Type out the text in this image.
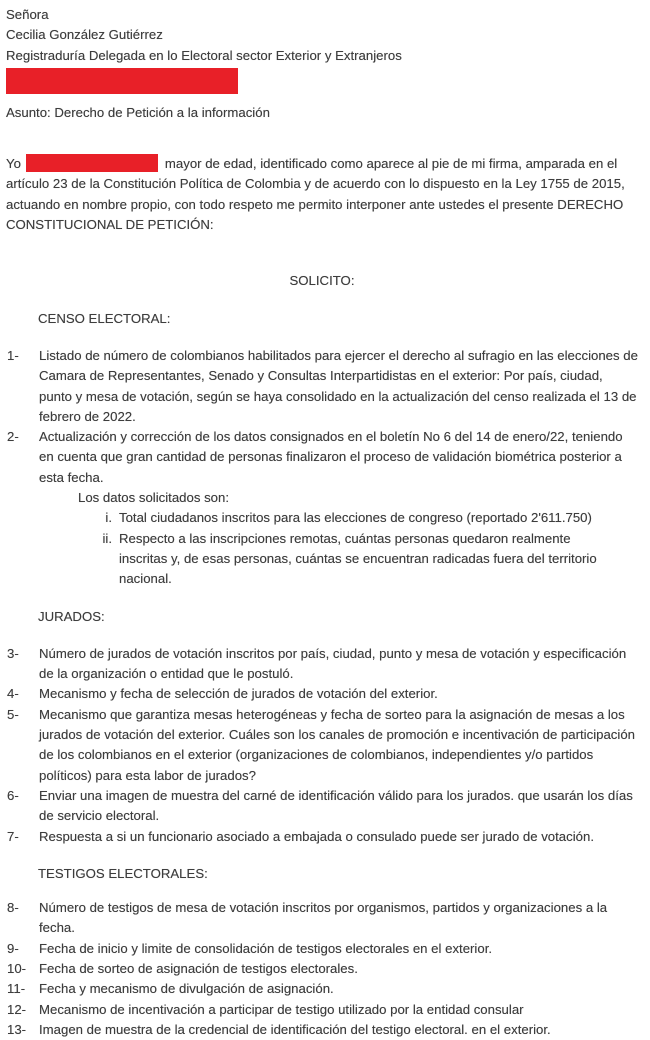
Señora
Cecilia González Gutiérrez
Registraduría Delegada en lo Electoral sector Exterior y Extranjeros
Asunto: Derecho de Petición a la información

Yo	mayor de edad, identificado como aparece al pie de mi firma, amparada en el artículo 23 de la Constitución Política de Colombia y de acuerdo con lo dispuesto en la Ley 1755 de 2015, actuando en nombre propio, con todo respeto me permito interponer ante ustedes el presente DERECHO CONSTITUCIONAL DE PETICIÓN:

SOLICITO:
CENSO ELECTORAL:
1-	Listado de número de colombianos habilitados para ejercer el derecho al sufragio en las elecciones de Camara de Representantes, Senado y Consultas Interpartidistas en el exterior: Por país, ciudad, punto y mesa de votación, según se haya consolidado en la actualización del censo realizada el 13 de febrero de 2022.
2-	Actualización y corrección de los datos consignados en el boletín No 6 del 14 de enero/22, teniendo en cuenta que gran cantidad de personas finalizaron el proceso de validación biométrica posterior a esta fecha.
Los datos solicitados son:
i. Total ciudadanos inscritos para las elecciones de congreso (reportado 2'611.750)
ii. Respecto a las inscripciones remotas, cuántas personas quedaron realmente inscritas y, de esas personas, cuántas se encuentran radicadas fuera del territorio nacional.
JURADOS:
3-	Número de jurados de votación inscritos por país, ciudad, punto y mesa de votación y especificación de la organización o entidad que le postuló.
4-	Mecanismo y fecha de selección de jurados de votación del exterior.
5-	Mecanismo que garantiza mesas heterogéneas y fecha de sorteo para la asignación de mesas a los jurados de votación del exterior. Cuáles son los canales de promoción e incentivación de participación de los colombianos en el exterior (organizaciones de colombianos, independientes y/o partidos políticos) para esta labor de jurados?
6-	Enviar una imagen de muestra del carné de identificación válido para los jurados. que usarán los días de servicio electoral.
7-	Respuesta a si un funcionario asociado a embajada o consulado puede ser jurado de votación.
TESTIGOS ELECTORALES:
8-	Número de testigos de mesa de votación inscritos por organismos, partidos y organizaciones a la fecha.
9-	Fecha de inicio y limite de consolidación de testigos electorales en el exterior.
10- Fecha de sorteo de asignación de testigos electorales.
11-	Fecha y mecanismo de divulgación de asignación.
12- Mecanismo de incentivación a participar de testigo utilizado por la entidad consular
13- Imagen de muestra de la credencial de identificación del testigo electoral. en el exterior.
